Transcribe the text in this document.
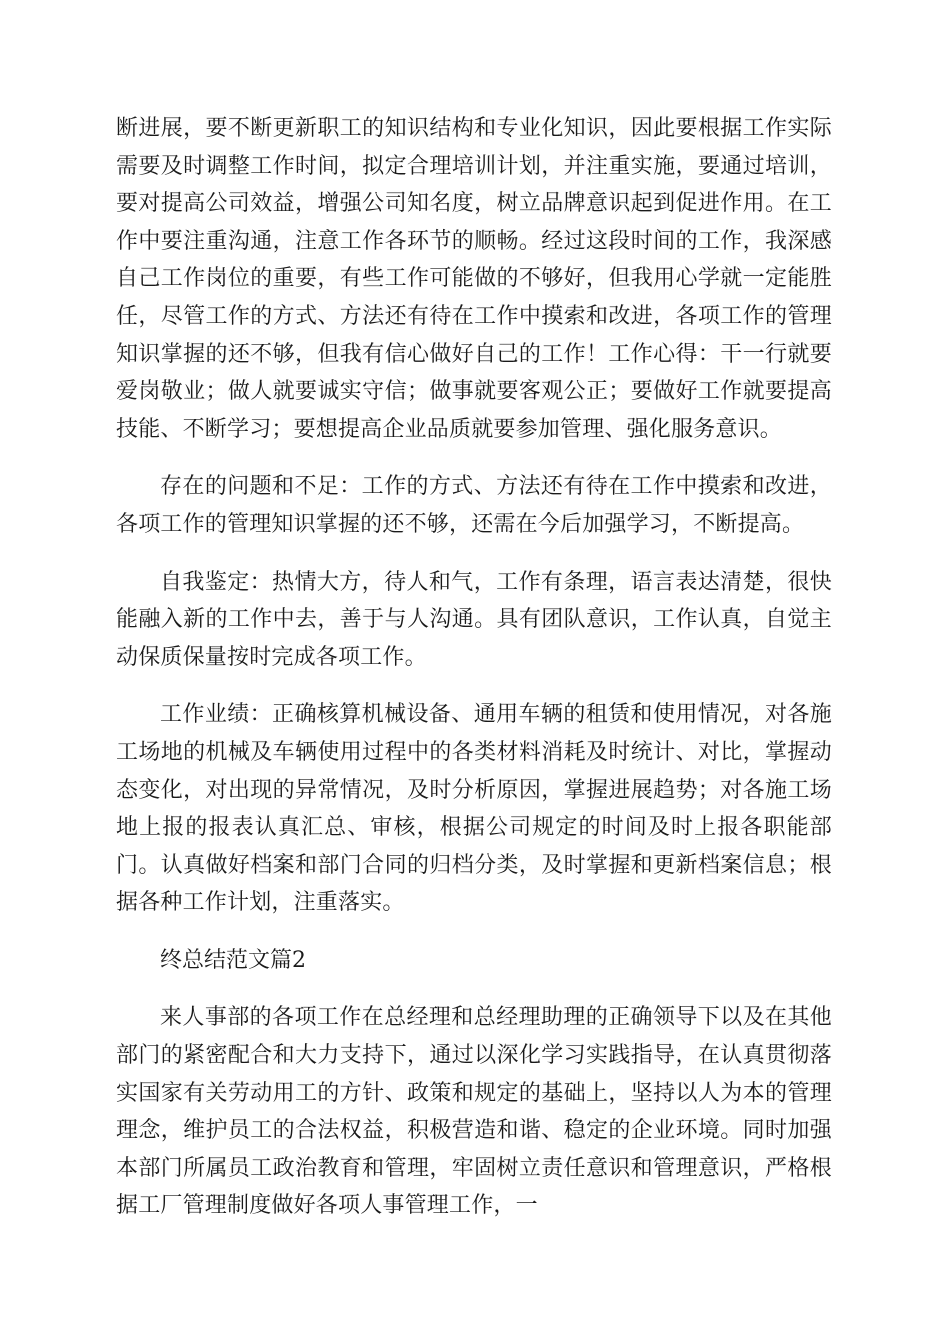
断进展，要不断更新职工的知识结构和专业化知识，因此要根据工作实际需要及时调整工作时间，拟定合理培训计划，并注重实施，要通过培训，要对提高公司效益，增强公司知名度，树立品牌意识起到促进作用。在工作中要注重沟通，注意工作各环节的顺畅。经过这段时间的工作，我深感自己工作岗位的重要，有些工作可能做的不够好，但我用心学就一定能胜任，尽管工作的方式、方法还有待在工作中摸索和改进，各项工作的管理知识掌握的还不够，但我有信心做好自己的工作！工作心得：干一行就要爱岗敬业；做人就要诚实守信；做事就要客观公正；要做好工作就要提高技能、不断学习；要想提高企业品质就要参加管理、强化服务意识。

存在的问题和不足：工作的方式、方法还有待在工作中摸索和改进，各项工作的管理知识掌握的还不够，还需在今后加强学习，不断提高。

自我鉴定：热情大方，待人和气，工作有条理，语言表达清楚，很快能融入新的工作中去，善于与人沟通。具有团队意识，工作认真，自觉主动保质保量按时完成各项工作。

工作业绩：正确核算机械设备、通用车辆的租赁和使用情况，对各施工场地的机械及车辆使用过程中的各类材料消耗及时统计、对比，掌握动态变化，对出现的异常情况，及时分析原因，掌握进展趋势；对各施工场地上报的报表认真汇总、审核，根据公司规定的时间及时上报各职能部门。认真做好档案和部门合同的归档分类，及时掌握和更新档案信息；根据各种工作计划，注重落实。

终总结范文篇2

来人事部的各项工作在总经理和总经理助理的正确领导下以及在其他部门的紧密配合和大力支持下，通过以深化学习实践指导，在认真贯彻落实国家有关劳动用工的方针、政策和规定的基础上，坚持以人为本的管理理念，维护员工的合法权益，积极营造和谐、稳定的企业环境。同时加强本部门所属员工政治教育和管理，牢固树立责任意识和管理意识，严格根据工厂管理制度做好各项人事管理工作，一
